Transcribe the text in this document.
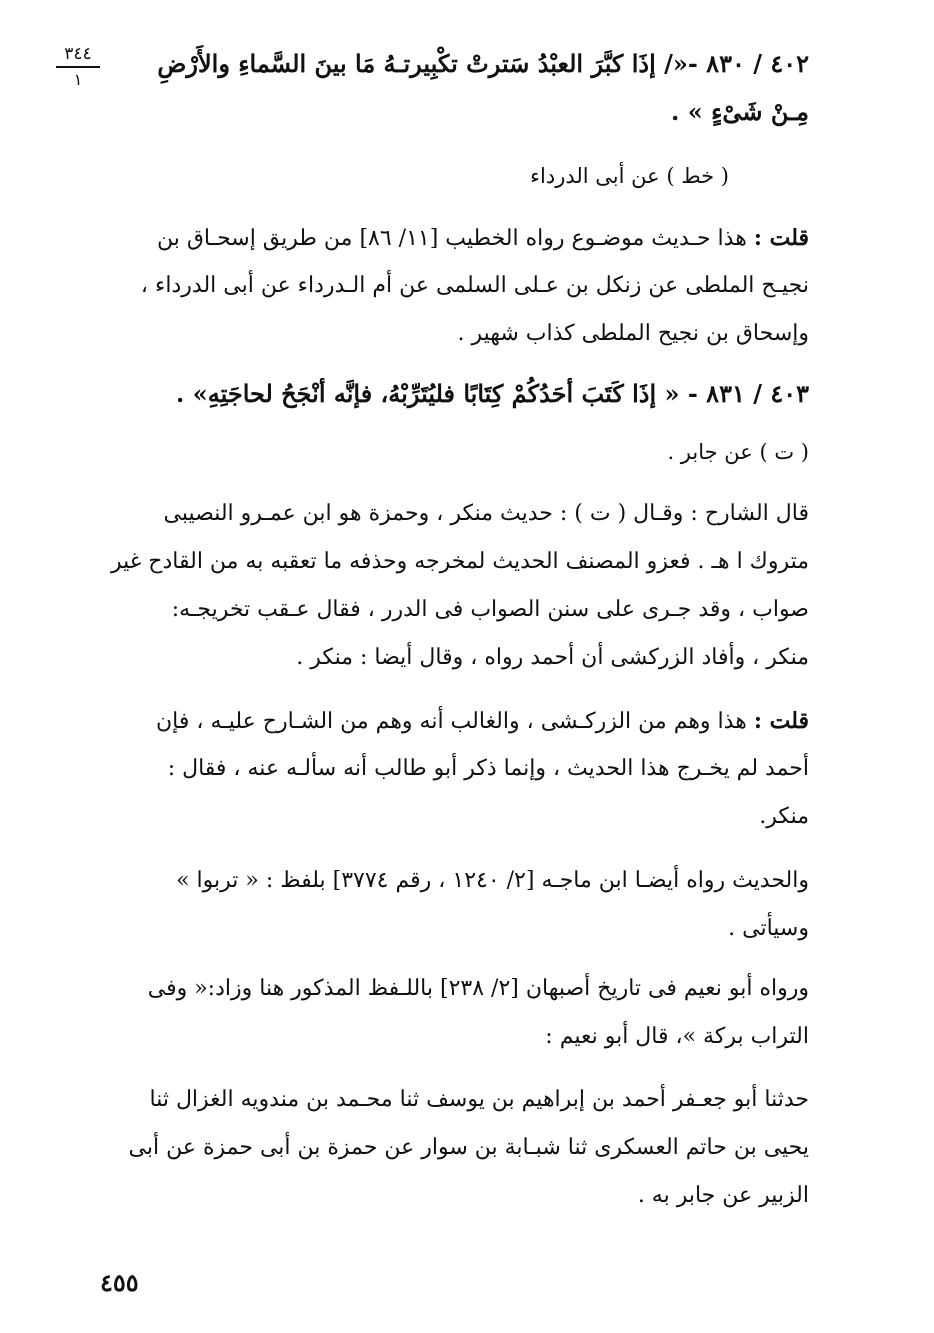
٣٤٤
١
٤٠٢ / ٨٣٠ -«/ إذَا كبَّرَ العبْدُ سَترتْ تكْبِيرتـهُ مَا بينَ السَّماءِ والأَرْضِ
مِـنْ شَىْءٍ » .
( خط ) عن أبى الدرداء
قلت : هذا حـديث موضـوع رواه الخطيب [١١/ ٨٦] من طريق إسحـاق بن
نجيـح الملطى عن زنكل بن عـلى السلمى عن أم الـدرداء عن أبى الدرداء ،
وإسحاق بن نجيح الملطى كذاب شهير .
٤٠٣ / ٨٣١ - « إذَا كَتَبَ أحَدُكُمْ كِتَابًا فليُتَرِّبْهُ، فإنَّه أنْجَحُ لحاجَتِهِ» .
( ت ) عن جابر .
قال الشارح : وقـال ( ت ) : حديث منكر ، وحمزة هو ابن عمـرو النصيبى
متروك ا هـ . فعزو المصنف الحديث لمخرجه وحذفه ما تعقبه به من القادح غير
صواب ، وقد جـرى على سنن الصواب فى الدرر ، فقال عـقب تخريجـه:
منكر ، وأفاد الزركشى أن أحمد رواه ، وقال أيضا : منكر .
قلت : هذا وهم من الزركـشى ، والغالب أنه وهم من الشـارح عليـه ، فإن
أحمد لم يخـرج هذا الحديث ، وإنما ذكر أبو طالب أنه سألـه عنه ، فقال :
منكر.
والحديث رواه أيضـا ابن ماجـه [٢/ ١٢٤٠ ، رقم ٣٧٧٤] بلفظ : « تربوا »
وسيأتى .
ورواه أبو نعيم فى تاريخ أصبهان [٢/ ٢٣٨] باللـفظ المذكور هنا وزاد:« وفى
التراب بركة »، قال أبو نعيم :
حدثنا أبو جعـفر أحمد بن إبراهيم بن يوسف ثنا محـمد بن مندويه الغزال ثنا
يحيى بن حاتم العسكرى ثنا شبـابة بن سوار عن حمزة بن أبى حمزة عن أبى
الزبير عن جابر به .
٤٥٥
